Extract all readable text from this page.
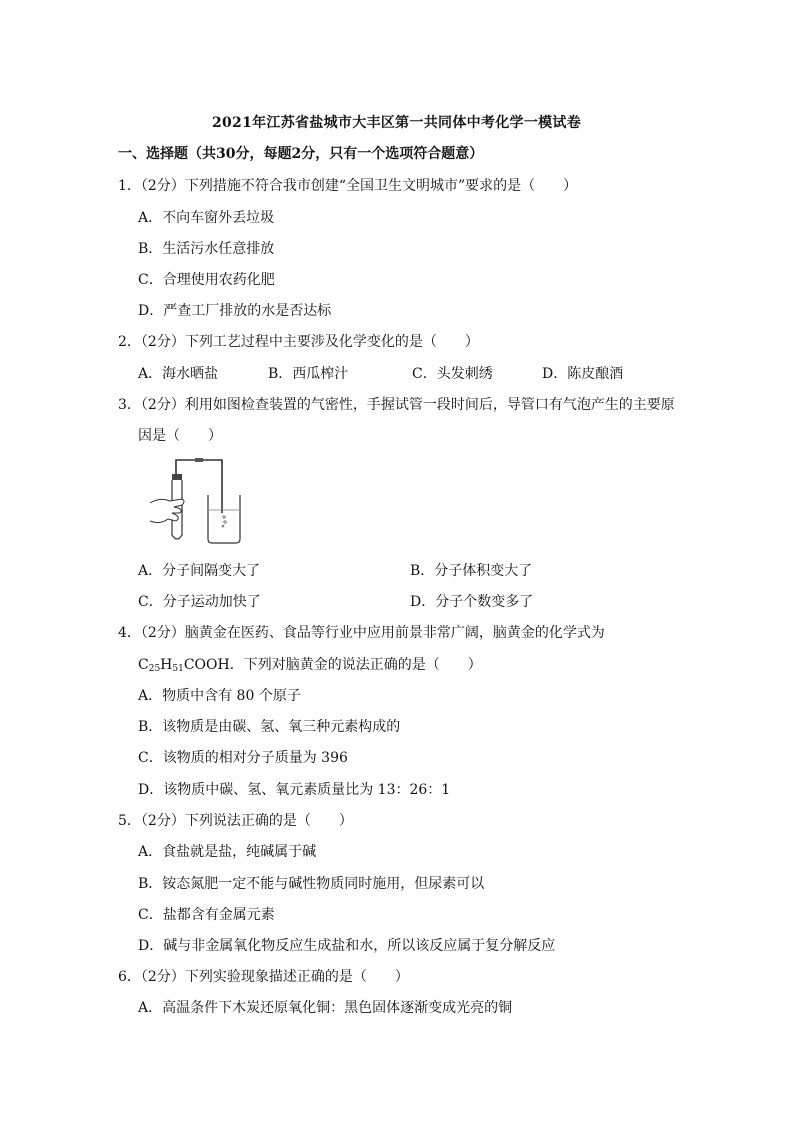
2021年江苏省盐城市大丰区第一共同体中考化学一模试卷
一、选择题（共30分，每题2分，只有一个选项符合题意）
1．（2分）下列措施不符合我市创建“全国卫生文明城市”要求的是（　　）
A．不向车窗外丢垃圾
B．生活污水任意排放
C．合理使用农药化肥
D．严查工厂排放的水是否达标
2．（2分）下列工艺过程中主要涉及化学变化的是（　　）
A．海水晒盐	B．西瓜榨汁	C．头发刺绣	D．陈皮酿酒
3．（2分）利用如图检查装置的气密性，手握试管一段时间后，导管口有气泡产生的主要原
因是（　　）
A．分子间隔变大了	B．分子体积变大了
C．分子运动加快了	D．分子个数变多了
4．（2分）脑黄金在医药、食品等行业中应用前景非常广阔，脑黄金的化学式为
$C_{25}H_{51}COOH$．下列对脑黄金的说法正确的是（　　）
A．物质中含有 80 个原子
B．该物质是由碳、氢、氧三种元素构成的
C．该物质的相对分子质量为 396
D．该物质中碳、氢、氧元素质量比为 13：26：1
5．（2分）下列说法正确的是（　　）
A．食盐就是盐，纯碱属于碱
B．铵态氮肥一定不能与碱性物质同时施用，但尿素可以
C．盐都含有金属元素
D．碱与非金属氧化物反应生成盐和水，所以该反应属于复分解反应
6．（2分）下列实验现象描述正确的是（　　）
A．高温条件下木炭还原氧化铜：黑色固体逐渐变成光亮的铜
